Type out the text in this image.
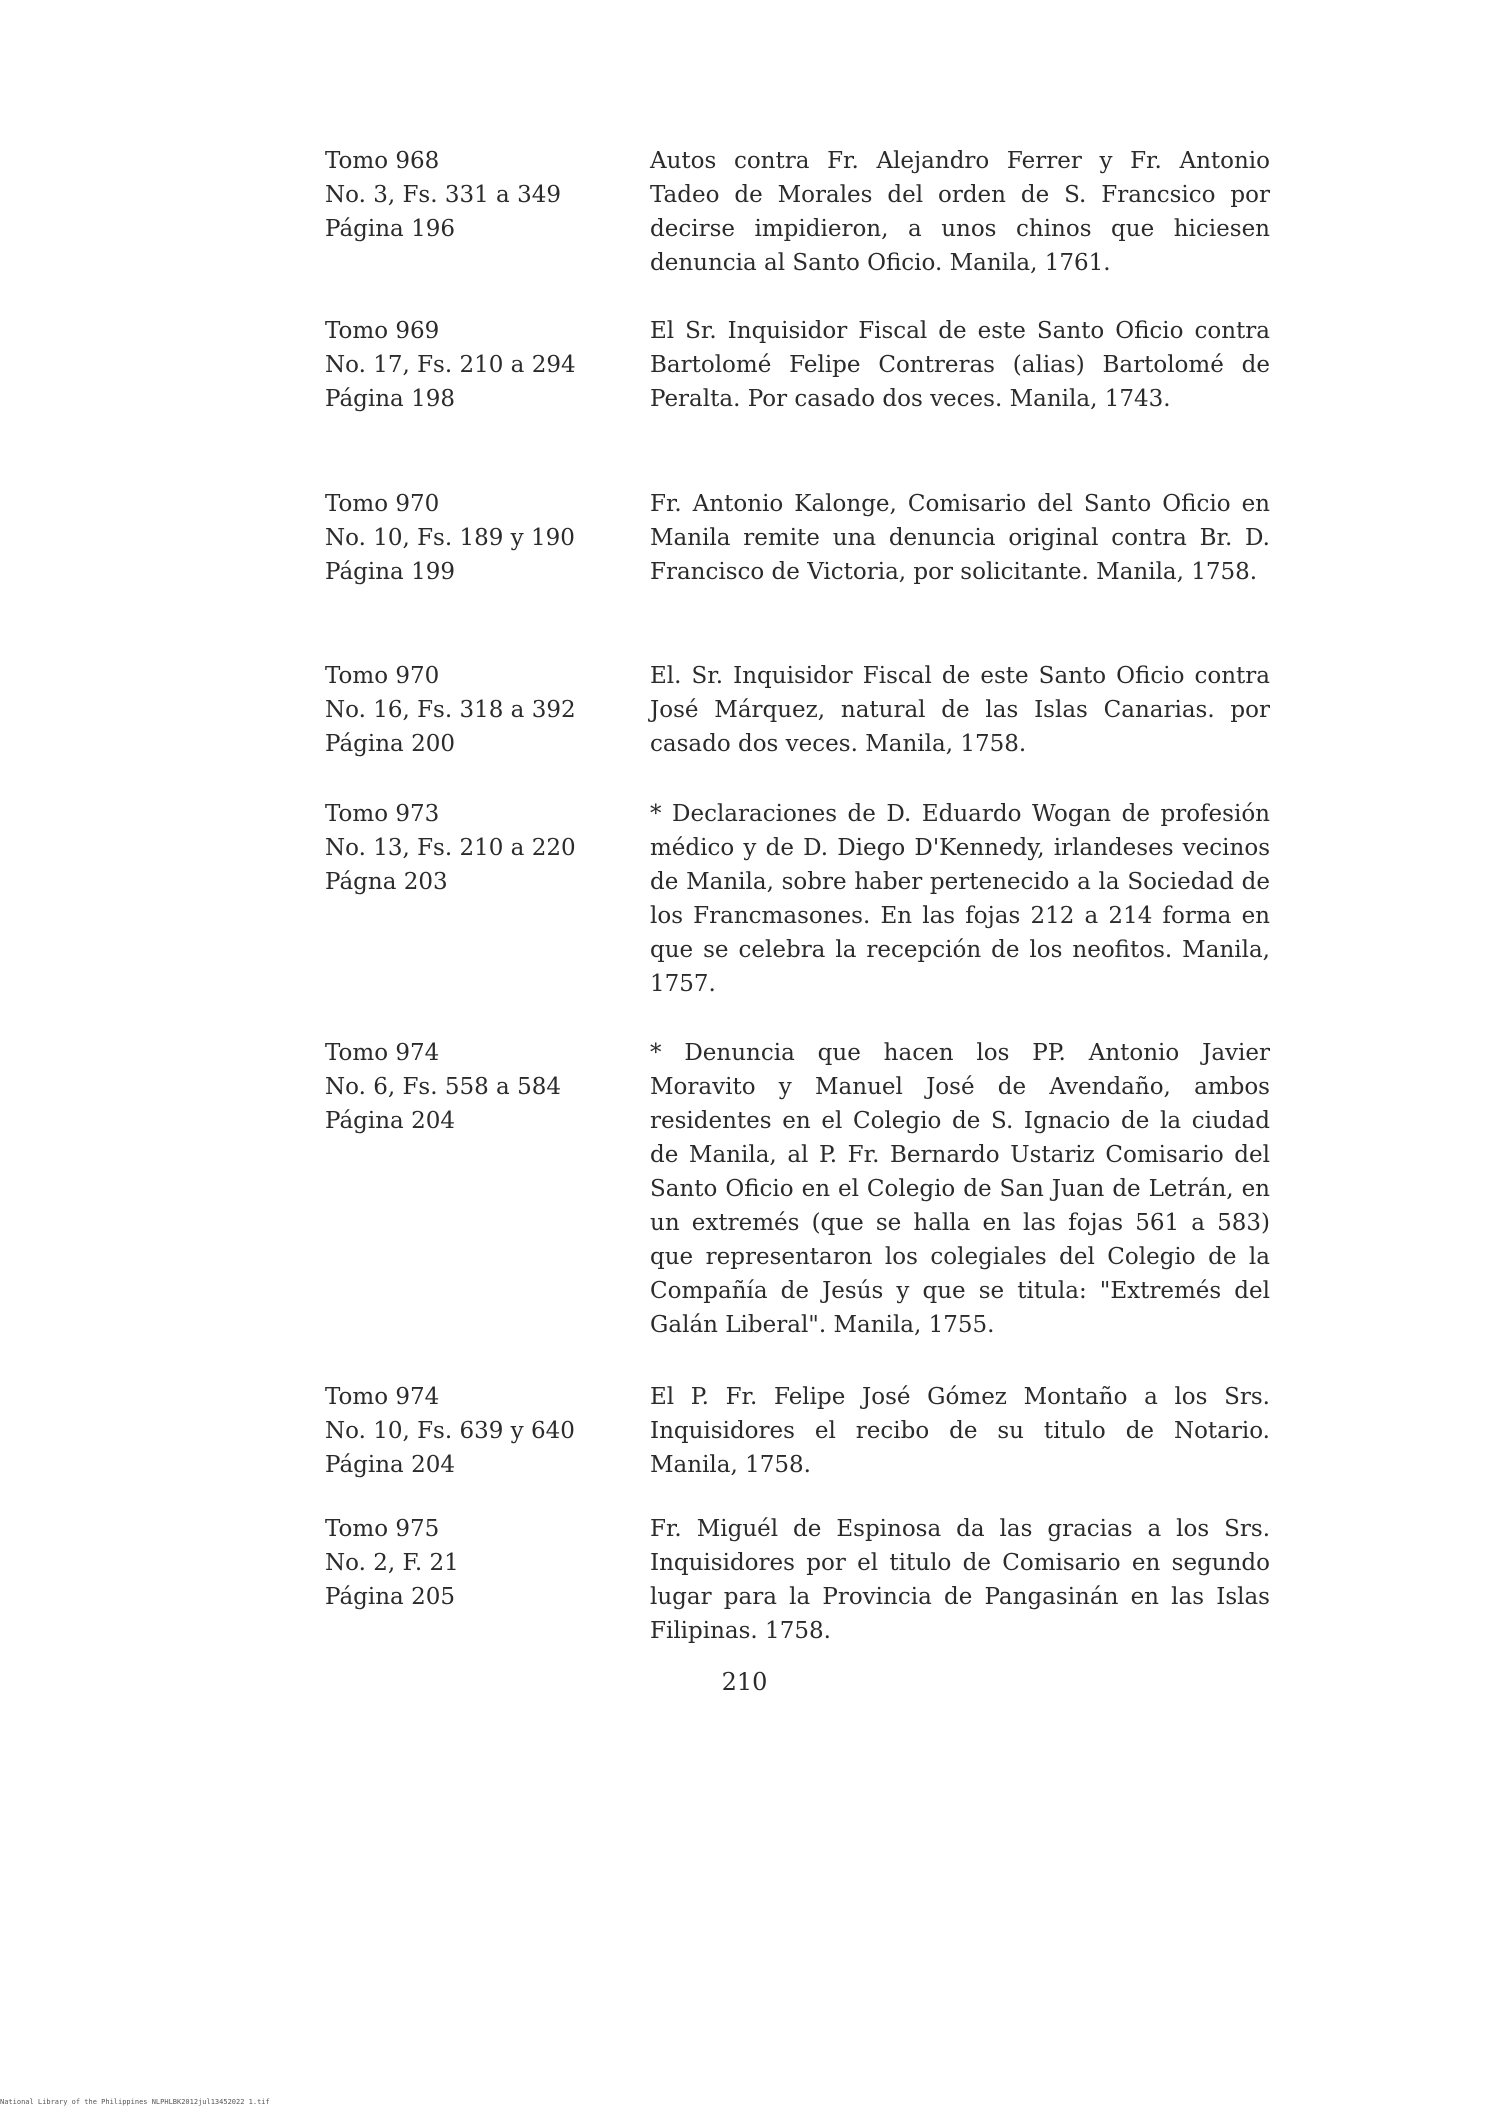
Tomo 968
No. 3, Fs. 331 a 349
Página 196
Autos contra Fr. Alejandro Ferrer y Fr. Antonio Tadeo de Morales del orden de S. Francsico por decirse impidieron, a unos chinos que hiciesen denuncia al Santo Oficio. Manila, 1761.
Tomo 969
No. 17, Fs. 210 a 294
Página 198
El Sr. Inquisidor Fiscal de este Santo Oficio contra Bartolomé Felipe Contreras (alias) Bartolomé de Peralta. Por casado dos veces. Manila, 1743.
Tomo 970
No. 10, Fs. 189 y 190
Página 199
Fr. Antonio Kalonge, Comisario del Santo Oficio en Manila remite una denuncia original contra Br. D. Francisco de Victoria, por solicitante. Manila, 1758.
Tomo 970
No. 16, Fs. 318 a 392
Página 200
El. Sr. Inquisidor Fiscal de este Santo Oficio contra José Márquez, natural de las Islas Canarias. por casado dos veces. Manila, 1758.
Tomo 973
No. 13, Fs. 210 a 220
Págna 203
* Declaraciones de D. Eduardo Wogan de profesión médico y de D. Diego D'Kennedy, irlandeses vecinos de Manila, sobre haber pertenecido a la Sociedad de los Francmasones. En las fojas 212 a 214 forma en que se celebra la recepción de los neofitos. Manila, 1757.
Tomo 974
No. 6, Fs. 558 a 584
Página 204
* Denuncia que hacen los PP. Antonio Javier Moravito y Manuel José de Avendaño, ambos residentes en el Colegio de S. Ignacio de la ciudad de Manila, al P. Fr. Bernardo Ustariz Comisario del Santo Oficio en el Colegio de San Juan de Letrán, en un extremés (que se halla en las fojas 561 a 583) que representaron los colegiales del Colegio de la Compañía de Jesús y que se titula: "Extremés del Galán Liberal". Manila, 1755.
Tomo 974
No. 10, Fs. 639 y 640
Página 204
El P. Fr. Felipe José Gómez Montaño a los Srs. Inquisidores el recibo de su titulo de Notario. Manila, 1758.
Tomo 975
No. 2, F. 21
Página 205
Fr. Miguél de Espinosa da las gracias a los Srs. Inquisidores por el titulo de Comisario en segundo lugar para la Provincia de Pangasinán en las Islas Filipinas. 1758.
210
National Library of the Philippines NLPHLBK2012jul13452022 1.tif
